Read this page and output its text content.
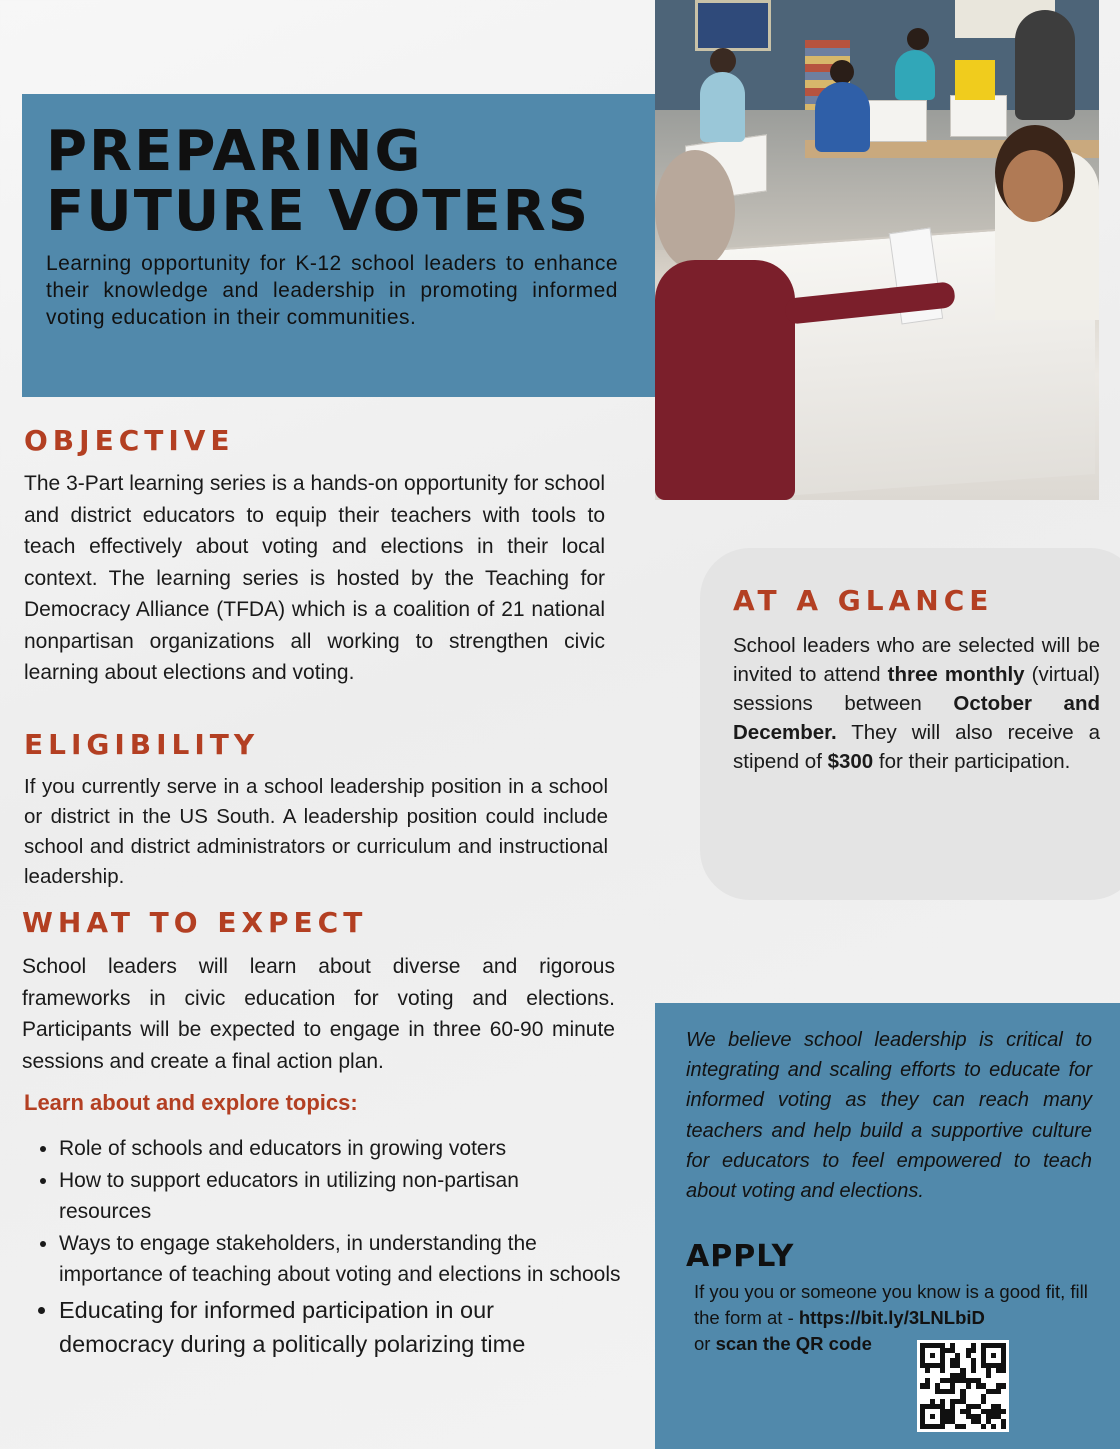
PREPARING
FUTURE VOTERS

Learning opportunity for K-12 school leaders to enhance their knowledge and leadership in promoting informed voting education in their communities.

OBJECTIVE

The 3-Part learning series is a hands-on opportunity for school and district educators to equip their teachers with tools to teach effectively about voting and elections in their local context. The learning series is hosted by the Teaching for Democracy Alliance (TFDA) which is a coalition of 21 national nonpartisan organizations all working to strengthen civic learning about elections and voting.

ELIGIBILITY

If you currently serve in a school leadership position in a school or district in the US South. A leadership position could include school and district administrators or curriculum and instructional leadership.

WHAT TO EXPECT

School leaders will learn about diverse and rigorous frameworks in civic education for voting and elections. Participants will be expected to engage in three 60-90 minute sessions and create a final action plan.

Learn about and explore topics:
• Role of schools and educators in growing voters
• How to support educators in utilizing non-partisan resources
• Ways to engage stakeholders, in understanding the importance of teaching about voting and elections in schools
• Educating for informed participation in our democracy during a politically polarizing time
AT A GLANCE

School leaders who are selected will be invited to attend three monthly (virtual) sessions between October and December. They will also receive a stipend of $300 for their participation.

We believe school leadership is critical to integrating and scaling efforts to educate for informed voting as they can reach many teachers and help build a supportive culture for educators to feel empowered to teach about voting and elections.

APPLY

If you you or someone you know is a good fit, fill the form at - https://bit.ly/3LNLbiD
or scan the QR code
